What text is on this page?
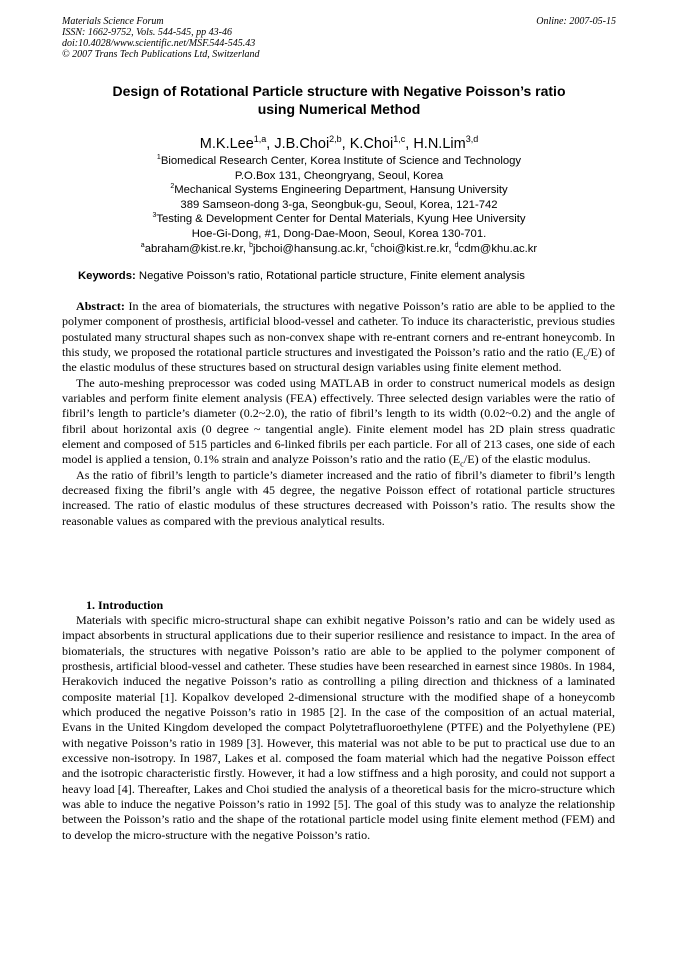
Materials Science Forum
ISSN: 1662-9752, Vols. 544-545, pp 43-46
doi:10.4028/www.scientific.net/MSF.544-545.43
© 2007 Trans Tech Publications Ltd, Switzerland
Online: 2007-05-15
Design of Rotational Particle structure with Negative Poisson’s ratio
using Numerical Method
M.K.Lee$^{1,a}$, J.B.Choi$^{2,b}$, K.Choi$^{1,c}$, H.N.Lim$^{3,d}$
$^1$Biomedical Research Center, Korea Institute of Science and Technology
P.O.Box 131, Cheongryang, Seoul, Korea
$^2$Mechanical Systems Engineering Department, Hansung University
389 Samseon-dong 3-ga, Seongbuk-gu, Seoul, Korea, 121-742
$^3$Testing & Development Center for Dental Materials, Kyung Hee University
Hoe-Gi-Dong, #1, Dong-Dae-Moon, Seoul, Korea 130-701.
$^a$abraham@kist.re.kr, $^b$jbchoi@hansung.ac.kr, $^c$choi@kist.re.kr, $^d$cdm@khu.ac.kr
Keywords: Negative Poisson’s ratio, Rotational particle structure, Finite element analysis

Abstract: In the area of biomaterials, the structures with negative Poisson’s ratio are able to be applied to the polymer component of prosthesis, artificial blood-vessel and catheter. To induce its characteristic, previous studies postulated many structural shapes such as non-convex shape with re-entrant corners and re-entrant honeycomb. In this study, we proposed the rotational particle structures and investigated the Poisson’s ratio and the ratio $(E_c/E)$ of the elastic modulus of these structures based on structural design variables using finite element method.

The auto-meshing preprocessor was coded using MATLAB in order to construct numerical models as design variables and perform finite element analysis (FEA) effectively. Three selected design variables were the ratio of fibril’s length to particle’s diameter (0.2~2.0), the ratio of fibril’s length to its width (0.02~0.2) and the angle of fibril about horizontal axis (0 degree ~ tangential angle). Finite element model has 2D plain stress quadratic element and composed of 515 particles and 6-linked fibrils per each particle. For all of 213 cases, one side of each model is applied a tension, 0.1% strain and analyze Poisson’s ratio and the ratio $(E_c/E)$ of the elastic modulus.

As the ratio of fibril’s length to particle’s diameter increased and the ratio of fibril’s diameter to fibril’s length decreased fixing the fibril’s angle with 45 degree, the negative Poisson effect of rotational particle structures increased. The ratio of elastic modulus of these structures decreased with Poisson’s ratio. The results show the reasonable values as compared with the previous analytical results.

1. Introduction

Materials with specific micro-structural shape can exhibit negative Poisson’s ratio and can be widely used as impact absorbents in structural applications due to their superior resilience and resistance to impact. In the area of biomaterials, the structures with negative Poisson’s ratio are able to be applied to the polymer component of prosthesis, artificial blood-vessel and catheter. These studies have been researched in earnest since 1980s. In 1984, Herakovich induced the negative Poisson’s ratio as controlling a piling direction and thickness of a laminated composite material [1]. Kopalkov developed 2-dimensional structure with the modified shape of a honeycomb which produced the negative Poisson’s ratio in 1985 [2]. In the case of the composition of an actual material, Evans in the United Kingdom developed the compact Polytetrafluoroethylene (PTFE) and the Polyethylene (PE) with negative Poisson’s ratio in 1989 [3]. However, this material was not able to be put to practical use due to an excessive non-isotropy. In 1987, Lakes et al. composed the foam material which had the negative Poisson effect and the isotropic characteristic firstly. However, it had a low stiffness and a high porosity, and could not support a heavy load [4]. Thereafter, Lakes and Choi studied the analysis of a theoretical basis for the micro-structure which was able to induce the negative Poisson’s ratio in 1992 [5]. The goal of this study was to analyze the relationship between the Poisson’s ratio and the shape of the rotational particle model using finite element method (FEM) and to develop the micro-structure with the negative Poisson’s ratio.
